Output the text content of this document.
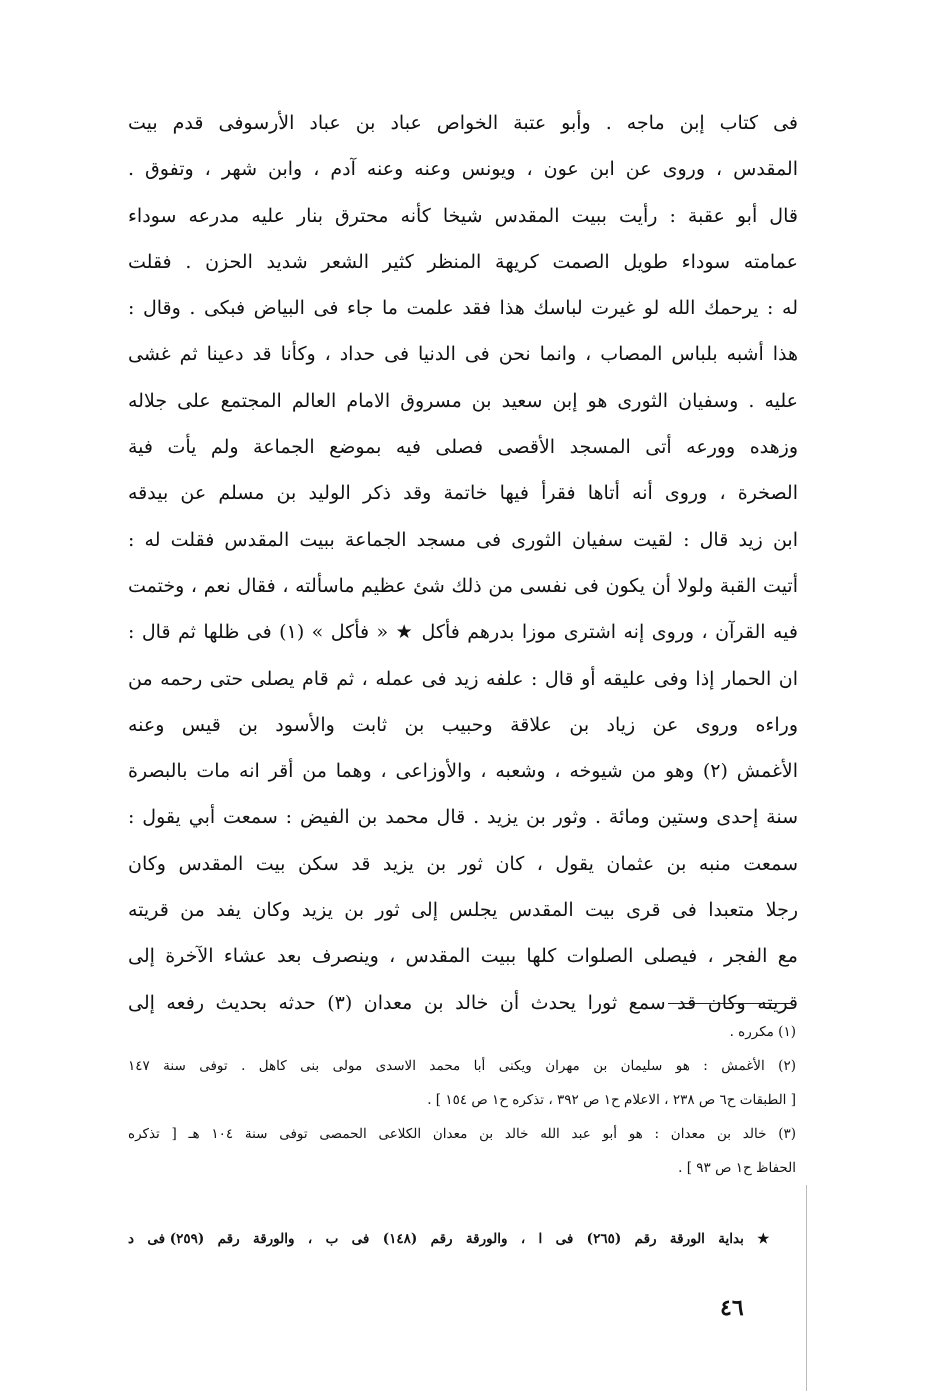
فى كتاب إبن ماجه . وأبو عتبة الخواص عباد بن عباد الأرسوفى قدم بيت
المقدس ، وروى عن ابن عون ، ويونس وعنه وعنه آدم ، وابن شهر ، وتفوق .
قال أبو عقبة : رأيت ببيت المقدس شيخا كأنه محترق بنار عليه مدرعه سوداء
عمامته سوداء طويل الصمت كريهة المنظر كثير الشعر شديد الحزن . فقلت
له : يرحمك الله لو غيرت لباسك هذا فقد علمت ما جاء فى البياض فبكى . وقال :
هذا أشبه بلباس المصاب ، وانما نحن فى الدنيا فى حداد ، وكأنا قد دعينا ثم غشى
عليه . وسفيان الثورى هو إبن سعيد بن مسروق الامام العالم المجتمع على جلاله
وزهده وورعه أتى المسجد الأقصى فصلى فيه بموضع الجماعة ولم يأت فية
الصخرة ، وروى أنه أتاها فقرأ فيها خاتمة وقد ذكر الوليد بن مسلم عن بيدقه
ابن زيد قال : لقيت سفيان الثورى فى مسجد الجماعة ببيت المقدس فقلت له :
أتيت القبة ولولا أن يكون فى نفسى من ذلك شئ عظيم ماسألته ، فقال نعم ، وختمت
فيه القرآن ، وروى إنه اشترى موزا بدرهم فأكل ★ « فأكل » (١) فى ظلها ثم قال :
ان الحمار إذا وفى عليقه أو قال : علفه زيد فى عمله ، ثم قام يصلى حتى رحمه من
وراءه وروى عن زياد بن علاقة وحبيب بن ثابت والأسود بن قيس وعنه
الأغمش (٢) وهو من شيوخه ، وشعبه ، والأوزاعى ، وهما من أقر انه مات بالبصرة
سنة إحدى وستين ومائة . وثور بن يزيد . قال محمد بن الفيض : سمعت أبي يقول :
سمعت منبه بن عثمان يقول ، كان ثور بن يزيد قد سكن بيت المقدس وكان
رجلا متعبدا فى قرى بيت المقدس يجلس إلى ثور بن يزيد وكان يفد من قريته
مع الفجر ، فيصلى الصلوات كلها ببيت المقدس ، وينصرف بعد عشاء الآخرة إلى
قريته وكان قد سمع ثورا يحدث أن خالد بن معدان (٣) حدثه بحديث رفعه إلى
(١) مكرره .
(٢) الأغمش : هو سليمان بن مهران ويكنى أبا محمد الاسدى مولى بنى كاهل . توفى سنة ١٤٧
[ الطبقات ح٦ ص ٢٣٨ ، الاعلام ح١ ص ٣٩٢ ، تذكره ح١ ص ١٥٤ ] .
(٣) خالد بن معدان : هو أبو عبد الله خالد بن معدان الكلاعى الحمصى توفى سنة ١٠٤ هـ [ تذكره
الحفاظ ح١ ص ٩٣ ] .
★ بداية الورقة رقم (٢٦٥) فى ا ، والورقة رقم (١٤٨) فى ب ، والورقة رقم (٢٥٩) فى د
٤٦
